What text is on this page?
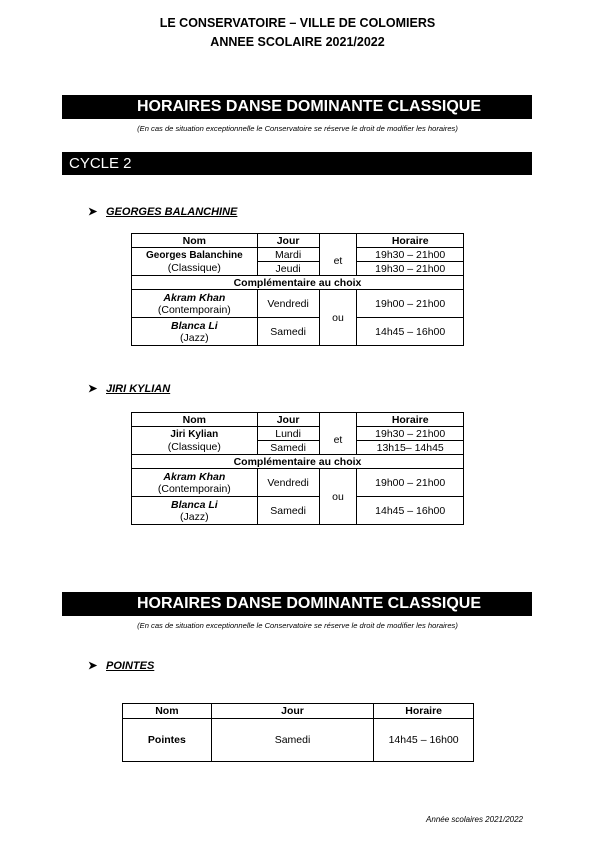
LE CONSERVATOIRE – VILLE DE COLOMIERS
ANNEE SCOLAIRE 2021/2022
HORAIRES DANSE DOMINANTE CLASSIQUE
(En cas de situation exceptionnelle le Conservatoire se réserve le droit de modifier les horaires)
CYCLE 2
➤ GEORGES BALANCHINE
Nom	Jour		Horaire

Georges Balanchine
(Classique)	Mardi	et	19h30 – 21h00
	Jeudi		19h30 – 21h00
Complémentaire au choix			

Akram Khan
(Contemporain)	Vendredi	ou	19h00 – 21h00

Blanca Li
(Jazz)	Samedi		14h45 – 16h00
➤ JIRI KYLIAN
Nom	Jour		Horaire

Jiri Kylian
(Classique)	Lundi	et	19h30 – 21h00
	Samedi		13h15– 14h45
Complémentaire au choix			

Akram Khan
(Contemporain)	Vendredi	ou	19h00 – 21h00

Blanca Li
(Jazz)	Samedi		14h45 – 16h00
HORAIRES DANSE DOMINANTE CLASSIQUE
(En cas de situation exceptionnelle le Conservatoire se réserve le droit de modifier les horaires)
➤ POINTES
Nom	Jour	Horaire
Pointes	Samedi	14h45 – 16h00
Année scolaires 2021/2022
